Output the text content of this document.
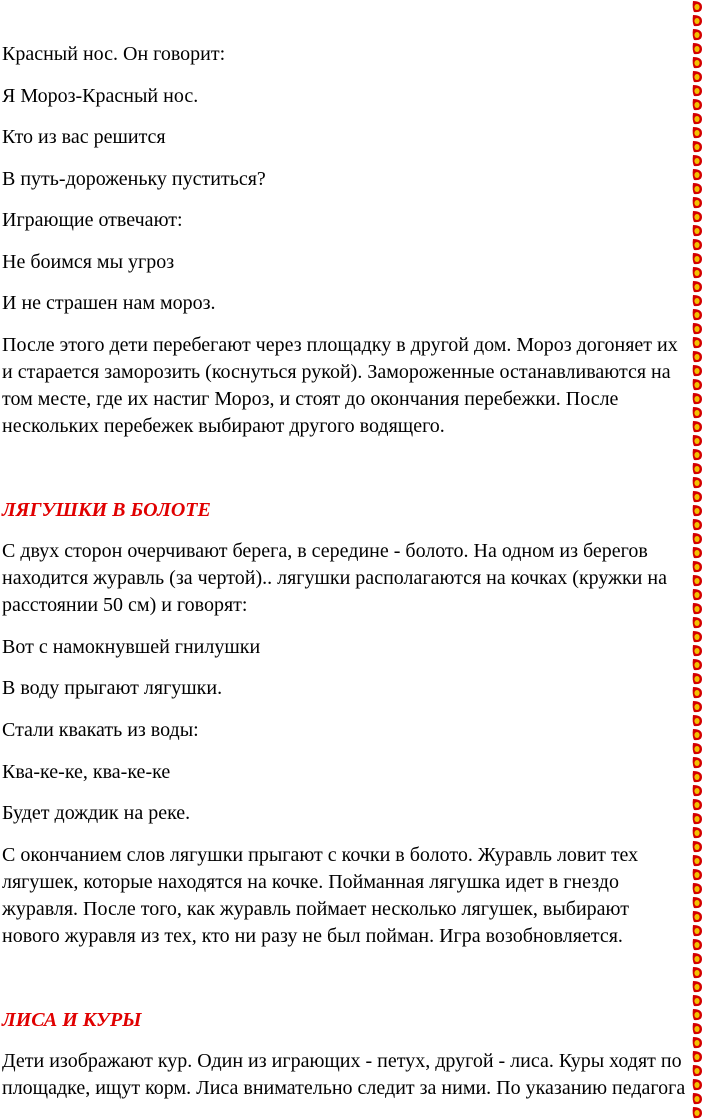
Красный нос. Он говорит:

Я Мороз-Красный нос.

Кто из вас решится

В путь-дороженьку пуститься?

Играющие отвечают:

Не боимся мы угроз

И не страшен нам мороз.

После этого дети перебегают через площадку в другой дом. Мороз догоняет их

и старается заморозить (коснуться рукой). Замороженные останавливаются на

том месте, где их настиг Мороз, и стоят до окончания перебежки. После

нескольких перебежек выбирают другого водящего.

ЛЯГУШКИ В БОЛОТЕ

С двух сторон очерчивают берега, в середине - болото. На одном из берегов

находится журавль (за чертой).. лягушки располагаются на кочках (кружки на

расстоянии 50 см) и говорят:

Вот с намокнувшей гнилушки

В воду прыгают лягушки.

Стали квакать из воды:

Ква-ке-ке, ква-ке-ке

Будет дождик на реке.

С окончанием слов лягушки прыгают с кочки в болото. Журавль ловит тех

лягушек, которые находятся на кочке. Пойманная лягушка идет в гнездо

журавля. После того, как журавль поймает несколько лягушек, выбирают

нового журавля из тех, кто ни разу не был пойман. Игра возобновляется.

ЛИСА И КУРЫ

Дети изображают кур. Один из играющих - петух, другой - лиса. Куры ходят по

площадке, ищут корм. Лиса внимательно следит за ними. По указанию педагога
